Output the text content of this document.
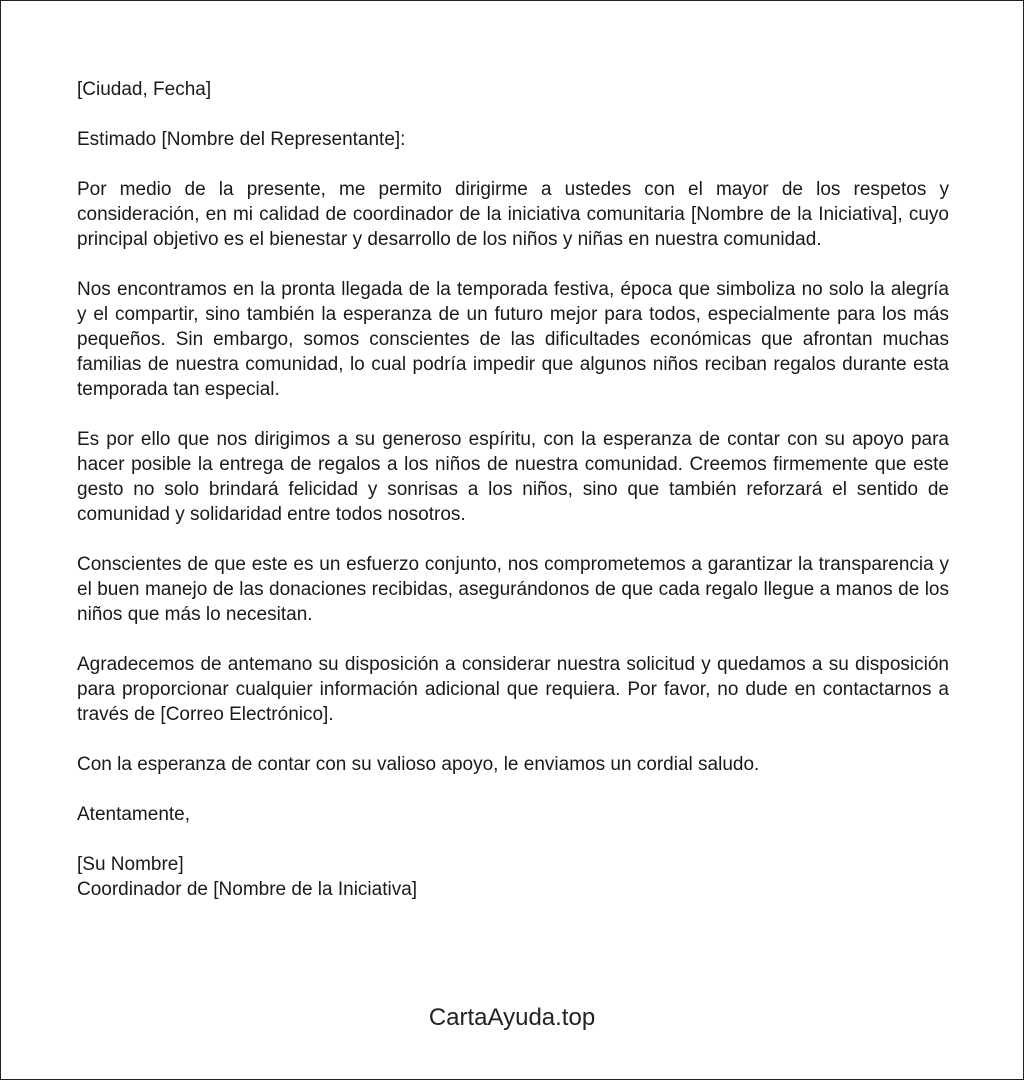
[Ciudad, Fecha]

Estimado [Nombre del Representante]:

Por medio de la presente, me permito dirigirme a ustedes con el mayor de los respetos y consideración, en mi calidad de coordinador de la iniciativa comunitaria [Nombre de la Iniciativa], cuyo principal objetivo es el bienestar y desarrollo de los niños y niñas en nuestra comunidad.

Nos encontramos en la pronta llegada de la temporada festiva, época que simboliza no solo la alegría y el compartir, sino también la esperanza de un futuro mejor para todos, especialmente para los más pequeños. Sin embargo, somos conscientes de las dificultades económicas que afrontan muchas familias de nuestra comunidad, lo cual podría impedir que algunos niños reciban regalos durante esta temporada tan especial.

Es por ello que nos dirigimos a su generoso espíritu, con la esperanza de contar con su apoyo para hacer posible la entrega de regalos a los niños de nuestra comunidad. Creemos firmemente que este gesto no solo brindará felicidad y sonrisas a los niños, sino que también reforzará el sentido de comunidad y solidaridad entre todos nosotros.

Conscientes de que este es un esfuerzo conjunto, nos comprometemos a garantizar la transparencia y el buen manejo de las donaciones recibidas, asegurándonos de que cada regalo llegue a manos de los niños que más lo necesitan.

Agradecemos de antemano su disposición a considerar nuestra solicitud y quedamos a su disposición para proporcionar cualquier información adicional que requiera. Por favor, no dude en contactarnos a través de [Correo Electrónico].

Con la esperanza de contar con su valioso apoyo, le enviamos un cordial saludo.

Atentamente,

[Su Nombre]
Coordinador de [Nombre de la Iniciativa]

CartaAyuda.top
